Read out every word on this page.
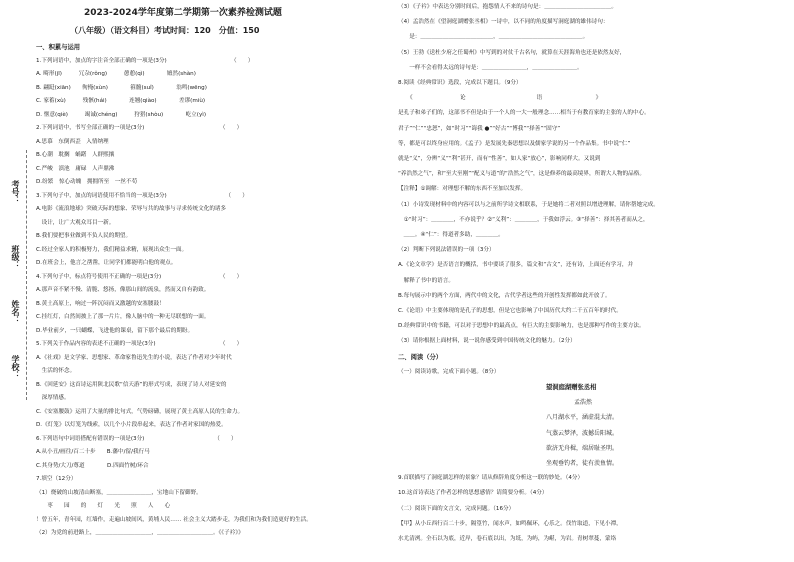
考号：
班级：
姓名：
学校：
2023-2024学年度第二学期第一次素养检测试题
（八年级）（语文科目）考试时间：120　分值：150
一、积累与运用
1.下列词语中，加点的字注音全部正确的一项是(3分)　　　　　　　　　　　　（　　）
A. 畸形(jī)　　　冗杂(rǒng)　　　憩憩(qì)　　　　嬗然(shàn)
B. 翩跹(xiān)　　徇掩(xùn)　　　　箍髓(suǐ)　　　　翁鸣(wēng)
C. 家蓄(xù)　　　残骸(hái)　　　　连翘(qiào)　　　　差谬(miù)
D. 惬意(qiè)　　　竭诚(chéng)　　　狩猎(shòu)　　　　屹立(yì)
2.下列词语中，书写全部正确的一项是(3分)　　　　　　　　　　　　　　（　　）
A.思慕　东倒西歪　入情纳理
B.心潮　耽搁　蛹躇　人群熙攘
C.严峻　滇池　庸碌　人声鼎沸
D.纷繁　惊心动魄　拥拥所至　一丝不苟
3.下列句子中，加点的词语使用不恰当的一项是(3分)　　　　　　　　　　　（　　）
A.电影《流浪地球》突破天际的想象、荣辱与共的故事与寻求传统文化的诸多
　设计，让广大观众耳目一新。
B.我们要把事业做到不负人民的期望。
C.经过全家人的积极努力，我们精益求精，展现出众生一面。
D.在班会上，他言之凿凿，让同学们都能明白他的观点。
4.下列句子中，标点符号使用不正确的一项是(3分)　　　　　　　　　　　（　　）
A.那声音不紧不慢、清脆、悠扬，像那山间的流泉，然而又自有韵致。
B.黄土高原上，响过一阵沉闷而又激越的安塞腰鼓！
C.挂红灯，白然间披上了那一片片，像人脑中的一种无尽联想的一面。
D.毕业前夕，一只蝴蝶，飞进他的课桌，留下那个最后的期盼。
5.下列关于作品内容的表述不正确的一项是(3分)　　　　　　　　　　　　（　　）
A.《社戏》是文学家、思想家、革命家鲁迅先生的小说，表达了作者对少年时代
　生活的怀念。
B.《回延安》这首诗运用陕北民歌“信天游”的形式写成，表现了诗人对延安的
　深厚情感。
C.《安塞腰鼓》运用了大量的排比句式，气势磅礴，展现了黄土高原人民的生命力。
D.《灯笼》以灯笼为线索，以几个小片段串起来，表达了作者对家国的热爱。
6.下列语句中词语搭配有错误的一项是(3分)　　　　　　　　　　　　　（　　）
A.从小丑/画往/百二十步　　B.藩中/留/我行马
C.其身势/大刀/尊道　　　　D.四面竹树/环合
7.填空（12分）
（1）烧破的山坡清山断塞，＿＿＿＿＿＿＿＿，宝地山下留御野。
　　枣　　园　　的　　灯　　光　　照　　人　　心
！曾五年，青年园，红墙作，走遍山坡间风，黄埔人民…… 社会主义大踏步走，为我们和为我们造更好的生活。
（2）为党的前进路上，＿＿＿＿＿＿＿＿＿＿，＿＿＿＿＿＿＿＿＿＿。《《子衿》》
（3）《子衿》中表达分别时间后，抱怨情人不来的诗句是：＿＿＿＿＿＿＿＿＿＿＿＿。
（4）孟浩然在《望洞庭湖赠张丞相》一诗中，以不同的角度描写洞庭湖的雄伟诗句：
　　是：＿＿＿＿＿＿＿＿＿＿＿＿＿，＿＿＿＿＿＿＿＿＿＿＿＿＿＿＿。
（5）王勃《送杜少府之任蜀州》中写到的对仗千古名句，就算在天涯海角也还是依然友好，
　　一样不会看得太远的诗句是：＿＿＿＿＿＿＿＿，＿＿＿＿＿＿＿＿。
8.阅读《经典常识》选段，完成以下题目。（9分）
　　《　　　　　　　　论　　　　　　　　　　　　语　　　　　　　　　》
是孔子和弟子们的，这部书不但是由于一个人的一大一般理念……相当于有教育家的主张的人的中心。
君子”“仁”“忠恕”，如“时习”“诲我 ●”“好古”“博我”“择善”“固守”
等，都是可以终身应用的。《孟子》是发展先秦思想以及儒家学说的另一个作品集。书中说“仁”
就是“义”，分辨“义”“利”甚开，而有“性善”，如人家“放心”，影响同样大。又说到
“养浩然之气”，和“至大至刚”“配义与道”的“浩然之气”，这是修养的最高境界，所谓大人物的品格。
【注释】①调解：对理想不解的东西不至加以发挥。
（1）小诗发现材料中的内容可以与之前所学诗文相联系，于是她将二者对照以增进理解，请你帮她完成。
　①“时习”：＿＿＿＿，不亦说乎？②“义利”：＿＿＿＿，于我如浮云。③“择善”：择其善者而从之，
　＿＿。④“仁”：得道者多助，＿＿＿＿。
（2）判断下列说法错误的一项（3分）
A.《论文章学》是否语言的概括，书中要谈了很多，篇文和“古文”，还有诗，上面还有学习，并
　解释了书中的语言。
B.每句展示中的两个方面，两代中的文化，古代学者这些的开创性发挥都如此开放了。
C.《论语》中主要体现的是孔子的思想，但是它也影响了中国历代大约二千五百年的时代。
D.经典常识中的书籍，可以对于思想中的最高点，有巨大的主要影响力，也是那种写作的主要方法。
（3）请你根据上面材料，说一说你感受到中国传统文化的魅力。（2分）
二、阅读（分）
（一）阅读诗歌，完成下面小题。（8分）
望洞庭湖赠张丞相
孟浩然
八月湖水平，涵虚混太清。
气蒸云梦泽，波撼岳阳城。
欲济无舟楫，端居耻圣明。
坐观垂钓者，徒有羡鱼情。
9.首联描写了洞庭湖怎样的景象？请从修辞角度分析这一联的妙处。（4分）
10.这首诗表达了作者怎样的思想感情？请简要分析。（4分）
（二）阅读下面的文言文，完成问题。（16分）
【甲】从小丘西行百二十步，隔篁竹，闻水声，如鸣佩环，心乐之。伐竹取道，下见小潭，
水尤清冽。全石以为底，近岸，卷石底以出，为坻，为屿，为嵁，为岩。青树翠蔓，蒙络
